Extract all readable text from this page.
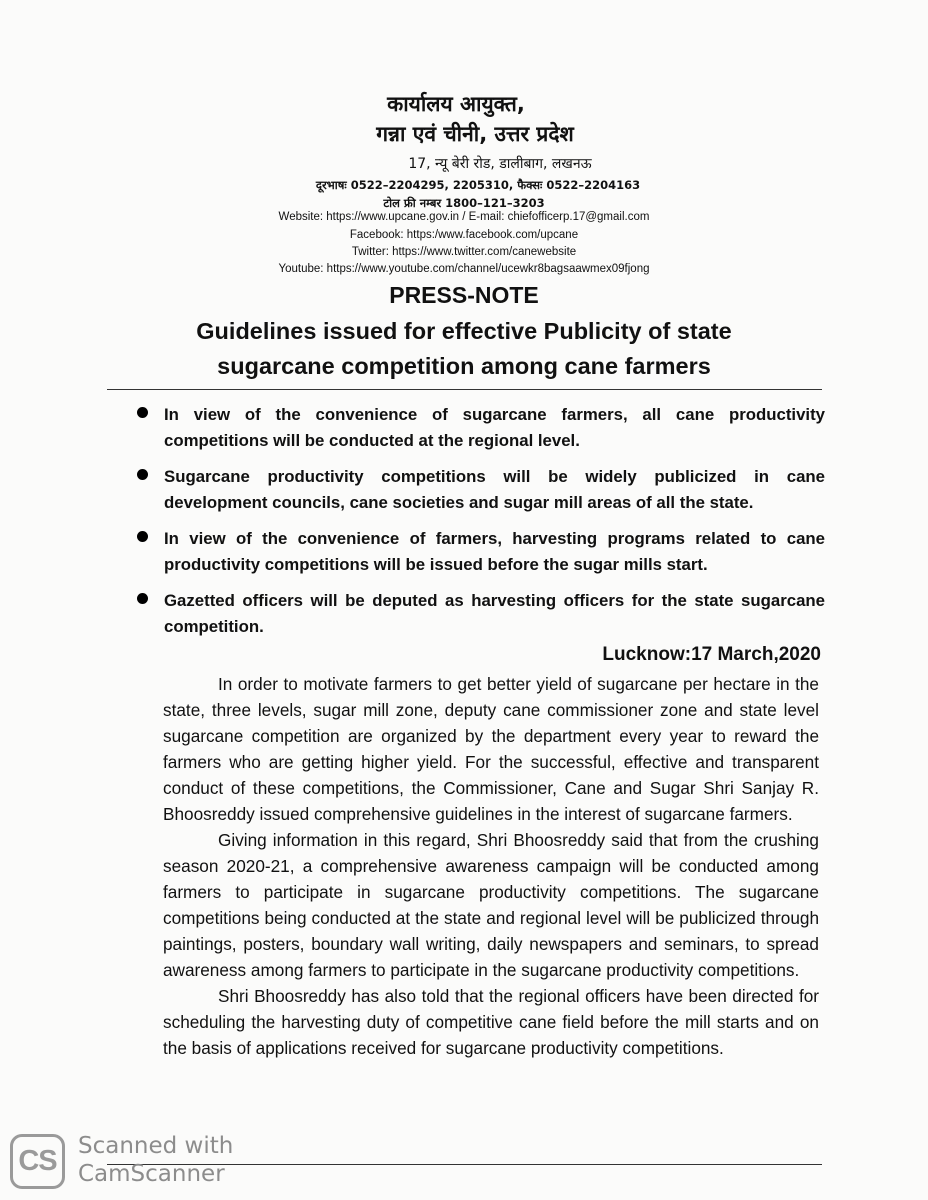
कार्यालय आयुक्त,
गन्ना एवं चीनी, उत्तर प्रदेश
17, न्यू बेरी रोड, डालीबाग, लखनऊ
दूरभाषः 0522–2204295, 2205310, फैक्सः 0522–2204163
टोल फ्री नम्बर 1800–121–3203
Website: https://www.upcane.gov.in / E-mail: chiefofficerp.17@gmail.com
Facebook: https:/www.facebook.com/upcane
Twitter: https://www.twitter.com/canewebsite
Youtube: https://www.youtube.com/channel/ucewkr8bagsaawmex09fjong
PRESS-NOTE
Guidelines issued for effective Publicity of state
sugarcane competition among cane farmers
In view of the convenience of sugarcane farmers, all cane productivity competitions will be conducted at the regional level.
Sugarcane productivity competitions will be widely publicized in cane development councils, cane societies and sugar mill areas of all the state.
In view of the convenience of farmers, harvesting programs related to cane productivity competitions will be issued before the sugar mills start.
Gazetted officers will be deputed as harvesting officers for the state sugarcane competition.
Lucknow:17 March,2020

In order to motivate farmers to get better yield of sugarcane per hectare in the state, three levels, sugar mill zone, deputy cane commissioner zone and state level sugarcane competition are organized by the department every year to reward the farmers who are getting higher yield. For the successful, effective and transparent conduct of these competitions, the Commissioner, Cane and Sugar Shri Sanjay R. Bhoosreddy issued comprehensive guidelines in the interest of sugarcane farmers.

Giving information in this regard, Shri Bhoosreddy said that from the crushing season 2020-21, a comprehensive awareness campaign will be conducted among farmers to participate in sugarcane productivity competitions. The sugarcane competitions being conducted at the state and regional level will be publicized through paintings, posters, boundary wall writing, daily newspapers and seminars, to spread awareness among farmers to participate in the sugarcane productivity competitions.

Shri Bhoosreddy has also told that the regional officers have been directed for scheduling the harvesting duty of competitive cane field before the mill starts and on the basis of applications received for sugarcane productivity competitions.

CS Scanned with
CamScanner
